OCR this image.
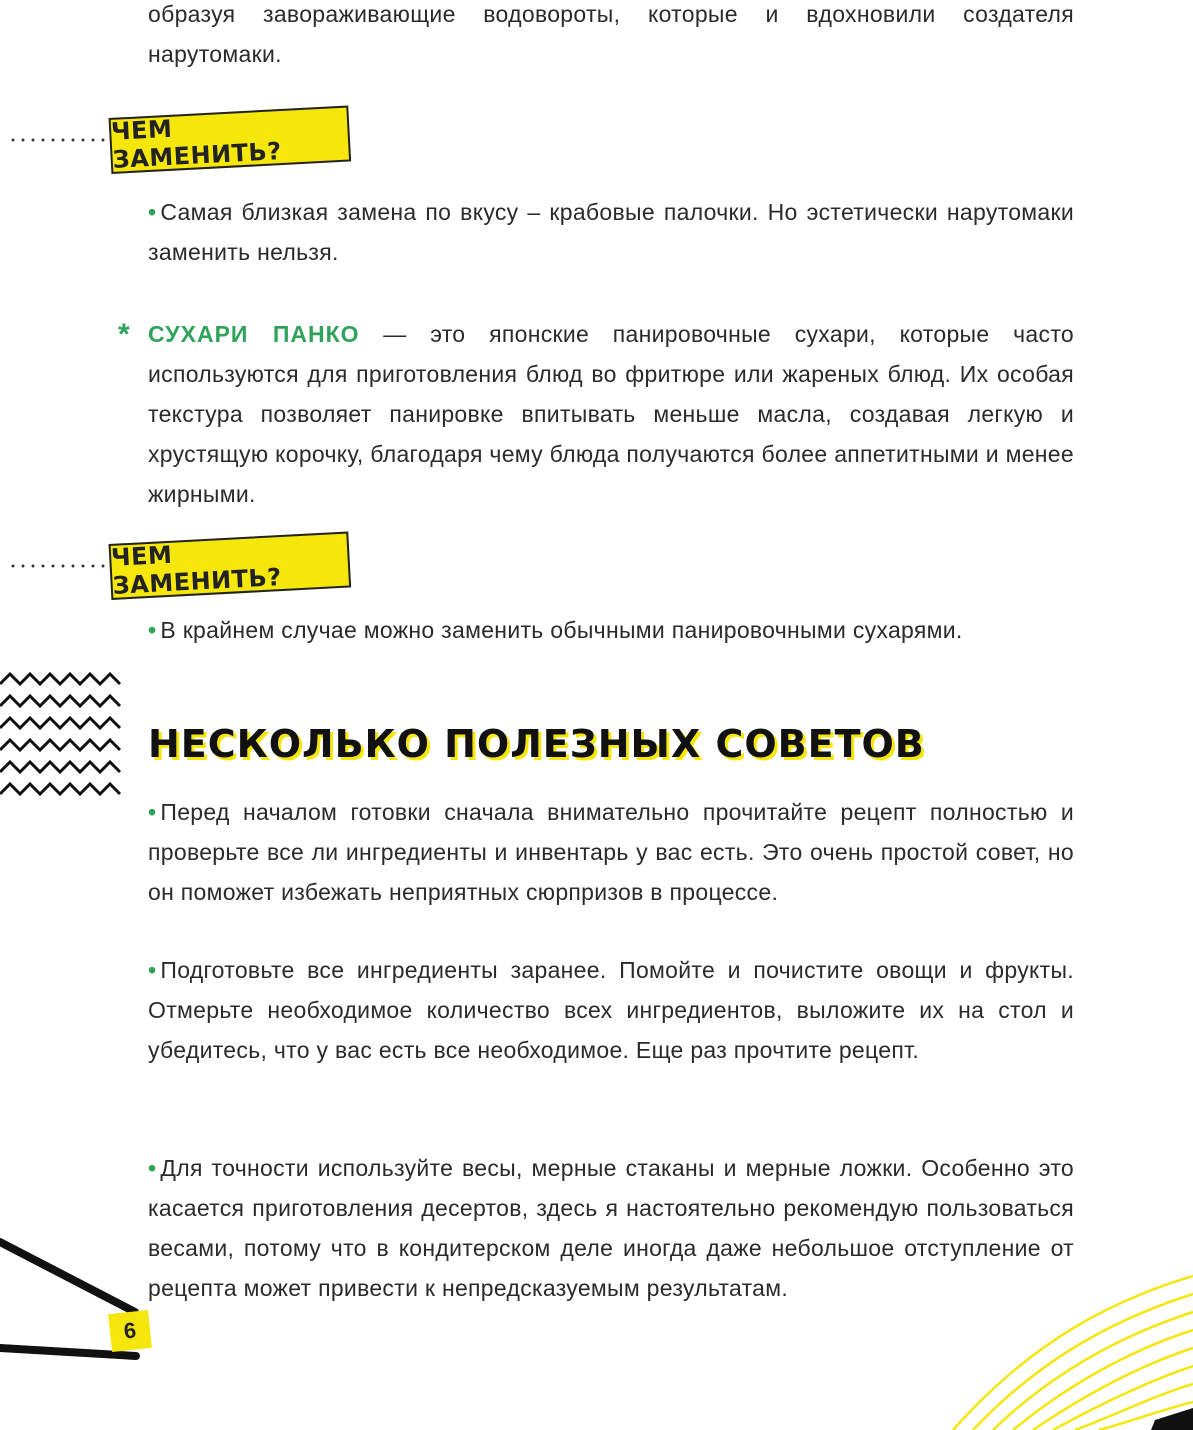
образуя завораживающие водовороты, которые и вдохновили создателя нарутомаки.

ЧЕМ ЗАМЕНИТЬ?

• Самая близкая замена по вкусу – крабовые палочки. Но эстетически нарутомаки заменить нельзя.

* СУХАРИ ПАНКО — это японские панировочные сухари, которые часто используются для приготовления блюд во фритюре или жареных блюд. Их особая текстура позволяет панировке впитывать меньше масла, создавая легкую и хрустящую корочку, благодаря чему блюда получаются более аппетитными и менее жирными.

ЧЕМ ЗАМЕНИТЬ?

• В крайнем случае можно заменить обычными панировочными сухарями.

НЕСКОЛЬКО ПОЛЕЗНЫХ СОВЕТОВ

• Перед началом готовки сначала внимательно прочитайте рецепт полностью и проверьте все ли ингредиенты и инвентарь у вас есть. Это очень простой совет, но он поможет избежать неприятных сюрпризов в процессе.

• Подготовьте все ингредиенты заранее. Помойте и почистите овощи и фрукты. Отмерьте необходимое количество всех ингредиентов, выложите их на стол и убедитесь, что у вас есть все необходимое. Еще раз прочтите рецепт.

• Для точности используйте весы, мерные стаканы и мерные ложки. Особенно это касается приготовления десертов, здесь я настоятельно рекомендую пользоваться весами, потому что в кондитерском деле иногда даже небольшое отступление от рецепта может привести к непредсказуемым результатам.

6
